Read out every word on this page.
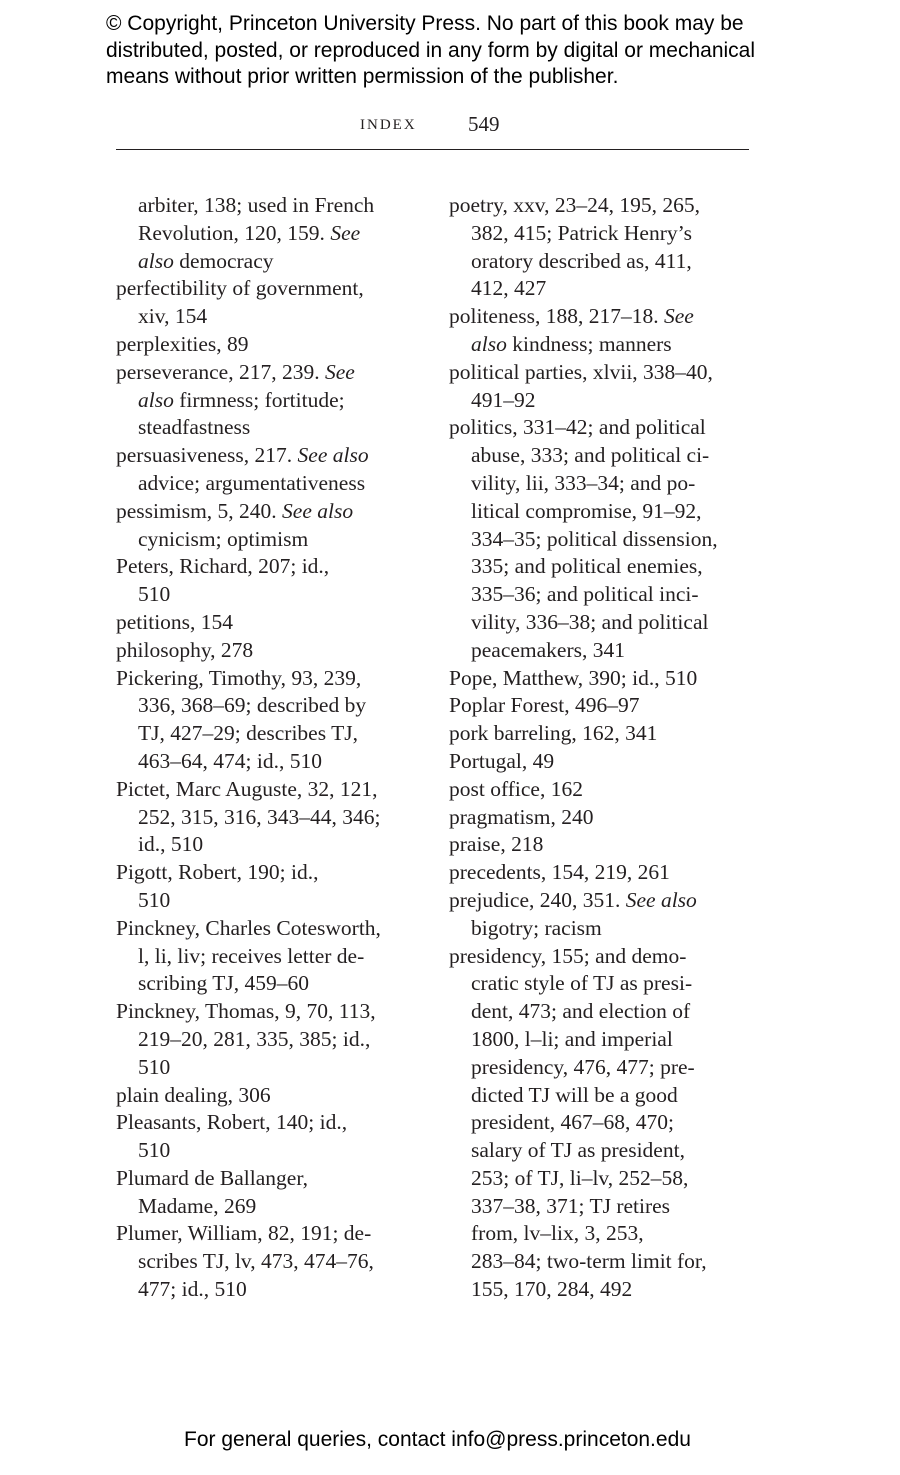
© Copyright, Princeton University Press. No part of this book may be
distributed, posted, or reproduced in any form by digital or mechanical
means without prior written permission of the publisher.
INDEX 549
arbiter, 138; used in French
Revolution, 120, 159. See
also democracy
perfectibility of government,
xiv, 154
perplexities, 89
perseverance, 217, 239. See
also firmness; fortitude;
steadfastness
persuasiveness, 217. See also
advice; argumentativeness
pessimism, 5, 240. See also
cynicism; optimism
Peters, Richard, 207; id.,
510
petitions, 154
philosophy, 278
Pickering, Timothy, 93, 239,
336, 368–69; described by
TJ, 427–29; describes TJ,
463–64, 474; id., 510
Pictet, Marc Auguste, 32, 121,
252, 315, 316, 343–44, 346;
id., 510
Pigott, Robert, 190; id.,
510
Pinckney, Charles Cotesworth,
l, li, liv; receives letter de-
scribing TJ, 459–60
Pinckney, Thomas, 9, 70, 113,
219–20, 281, 335, 385; id.,
510
plain dealing, 306
Pleasants, Robert, 140; id.,
510
Plumard de Ballanger,
Madame, 269
Plumer, William, 82, 191; de-
scribes TJ, lv, 473, 474–76,
477; id., 510
poetry, xxv, 23–24, 195, 265,
382, 415; Patrick Henry’s
oratory described as, 411,
412, 427
politeness, 188, 217–18. See
also kindness; manners
political parties, xlvii, 338–40,
491–92
politics, 331–42; and political
abuse, 333; and political ci-
vility, lii, 333–34; and po-
litical compromise, 91–92,
334–35; political dissension,
335; and political enemies,
335–36; and political inci-
vility, 336–38; and political
peacemakers, 341
Pope, Matthew, 390; id., 510
Poplar Forest, 496–97
pork barreling, 162, 341
Portugal, 49
post office, 162
pragmatism, 240
praise, 218
precedents, 154, 219, 261
prejudice, 240, 351. See also
bigotry; racism
presidency, 155; and demo-
cratic style of TJ as presi-
dent, 473; and election of
1800, l–li; and imperial
presidency, 476, 477; pre-
dicted TJ will be a good
president, 467–68, 470;
salary of TJ as president,
253; of TJ, li–lv, 252–58,
337–38, 371; TJ retires
from, lv–lix, 3, 253,
283–84; two-term limit for,
155, 170, 284, 492
For general queries, contact info@press.princeton.edu
